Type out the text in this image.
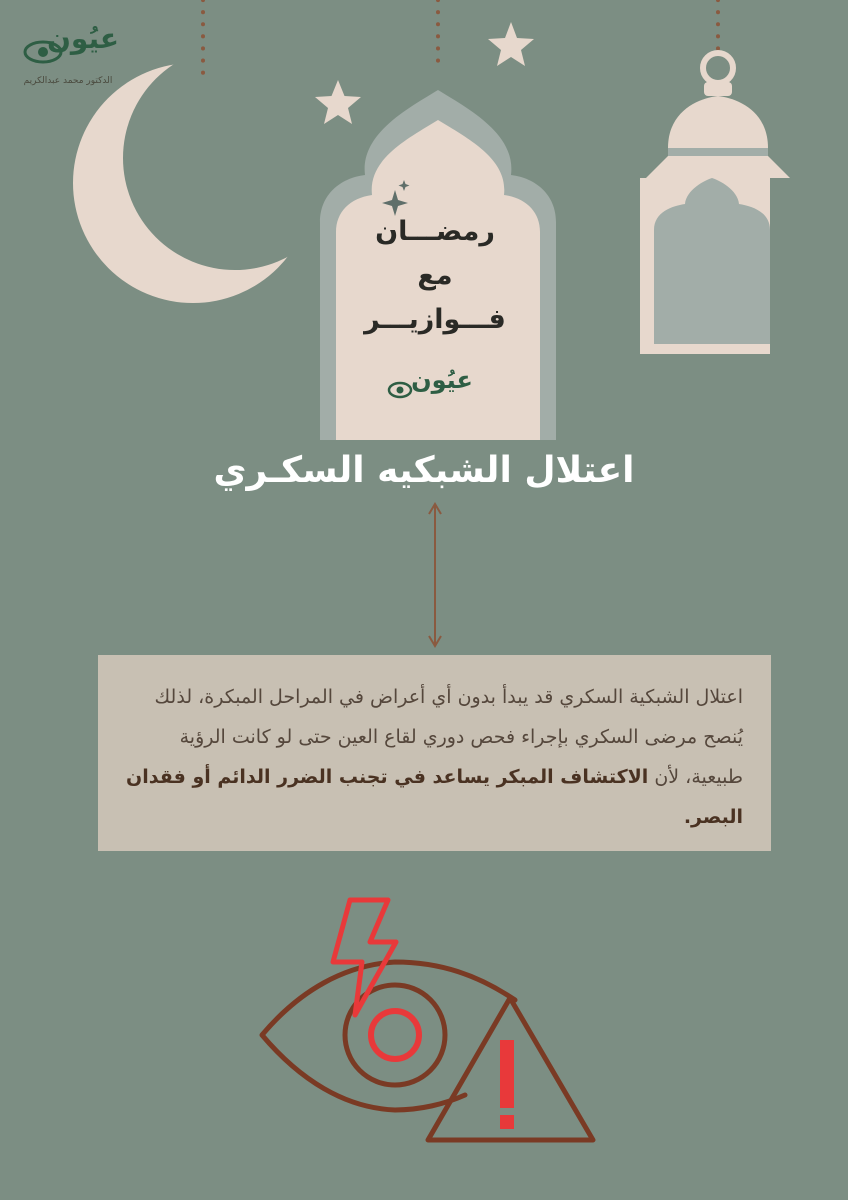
عيُون
الدكتور محمد عبدالكريم
رمضـــان
مع
فـــوازيـــر
عيُون
اعتلال الشبكيه السكـري

اعتلال الشبكية السكري قد يبدأ بدون أي أعراض في المراحل المبكرة، لذلك يُنصح مرضى السكري بإجراء فحص دوري لقاع العين حتى لو كانت الرؤية طبيعية، لأن الاكتشاف المبكر يساعد في تجنب الضرر الدائم أو فقدان البصر.
